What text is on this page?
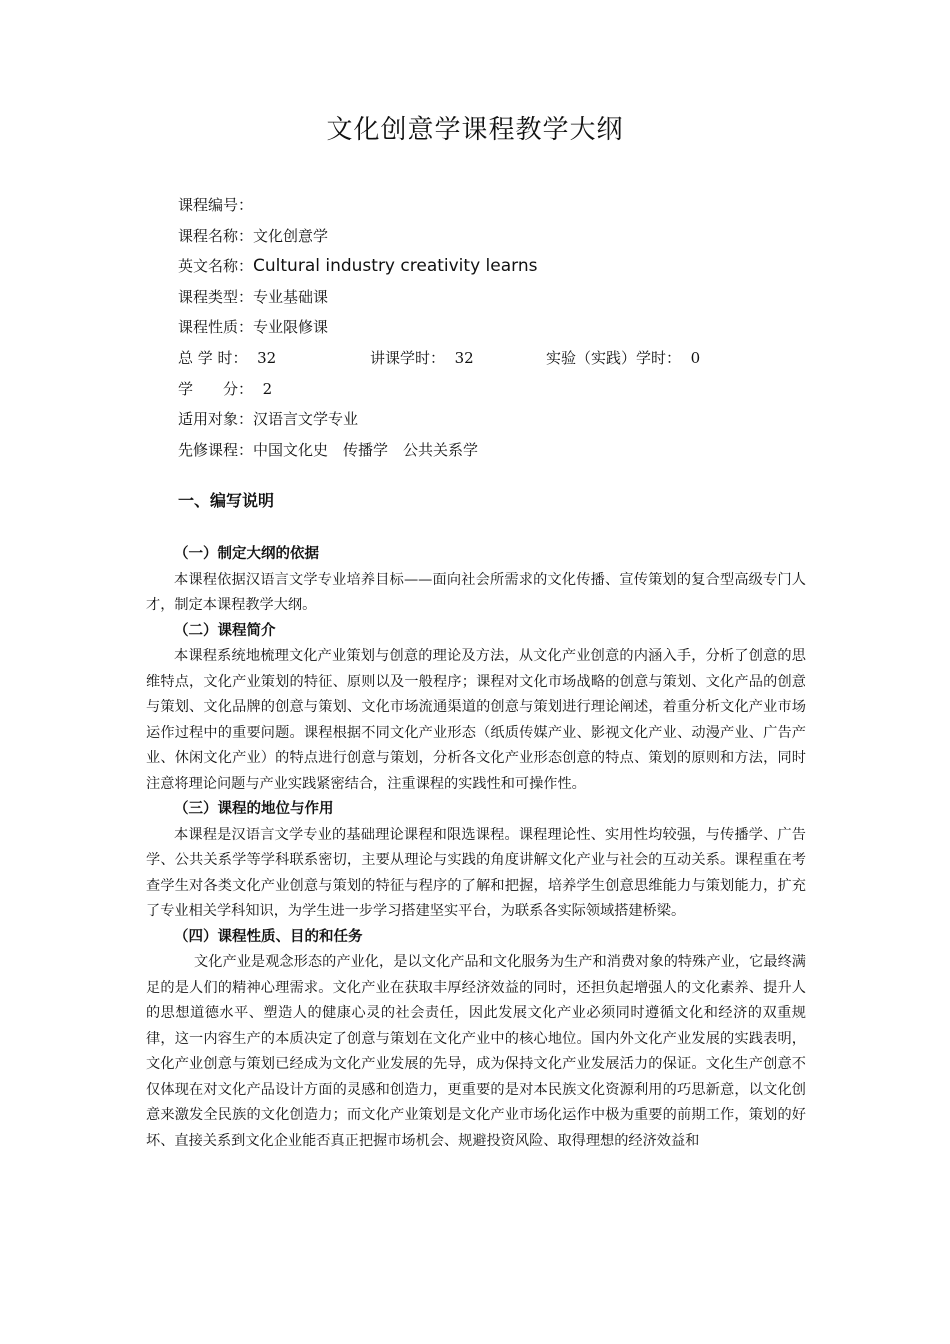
文化创意学课程教学大纲
课程编号：
课程名称：文化创意学
英文名称：Cultural industry creativity learns
课程类型：专业基础课
课程性质：专业限修课
总 学 时： 32	讲课学时： 32	实验（实践）学时： 0
学　　分： 2
适用对象：汉语言文学专业
先修课程：中国文化史　传播学　公共关系学
一、编写说明
（一）制定大纲的依据

本课程依据汉语言文学专业培养目标——面向社会所需求的文化传播、宣传策划的复合型高级专门人才，制定本课程教学大纲。

（二）课程简介

本课程系统地梳理文化产业策划与创意的理论及方法，从文化产业创意的内涵入手，分析了创意的思维特点，文化产业策划的特征、原则以及一般程序；课程对文化市场战略的创意与策划、文化产品的创意与策划、文化品牌的创意与策划、文化市场流通渠道的创意与策划进行理论阐述，着重分析文化产业市场运作过程中的重要问题。课程根据不同文化产业形态（纸质传媒产业、影视文化产业、动漫产业、广告产业、休闲文化产业）的特点进行创意与策划，分析各文化产业形态创意的特点、策划的原则和方法，同时注意将理论问题与产业实践紧密结合，注重课程的实践性和可操作性。

（三）课程的地位与作用

本课程是汉语言文学专业的基础理论课程和限选课程。课程理论性、实用性均较强，与传播学、广告学、公共关系学等学科联系密切，主要从理论与实践的角度讲解文化产业与社会的互动关系。课程重在考查学生对各类文化产业创意与策划的特征与程序的了解和把握，培养学生创意思维能力与策划能力，扩充了专业相关学科知识，为学生进一步学习搭建坚实平台，为联系各实际领域搭建桥梁。

（四）课程性质、目的和任务

文化产业是观念形态的产业化，是以文化产品和文化服务为生产和消费对象的特殊产业，它最终满足的是人们的精神心理需求。文化产业在获取丰厚经济效益的同时，还担负起增强人的文化素养、提升人的思想道德水平、塑造人的健康心灵的社会责任，因此发展文化产业必须同时遵循文化和经济的双重规律，这一内容生产的本质决定了创意与策划在文化产业中的核心地位。国内外文化产业发展的实践表明，文化产业创意与策划已经成为文化产业发展的先导，成为保持文化产业发展活力的保证。文化生产创意不仅体现在对文化产品设计方面的灵感和创造力，更重要的是对本民族文化资源利用的巧思新意，以文化创意来激发全民族的文化创造力；而文化产业策划是文化产业市场化运作中极为重要的前期工作，策划的好坏、直接关系到文化企业能否真正把握市场机会、规避投资风险、取得理想的经济效益和
